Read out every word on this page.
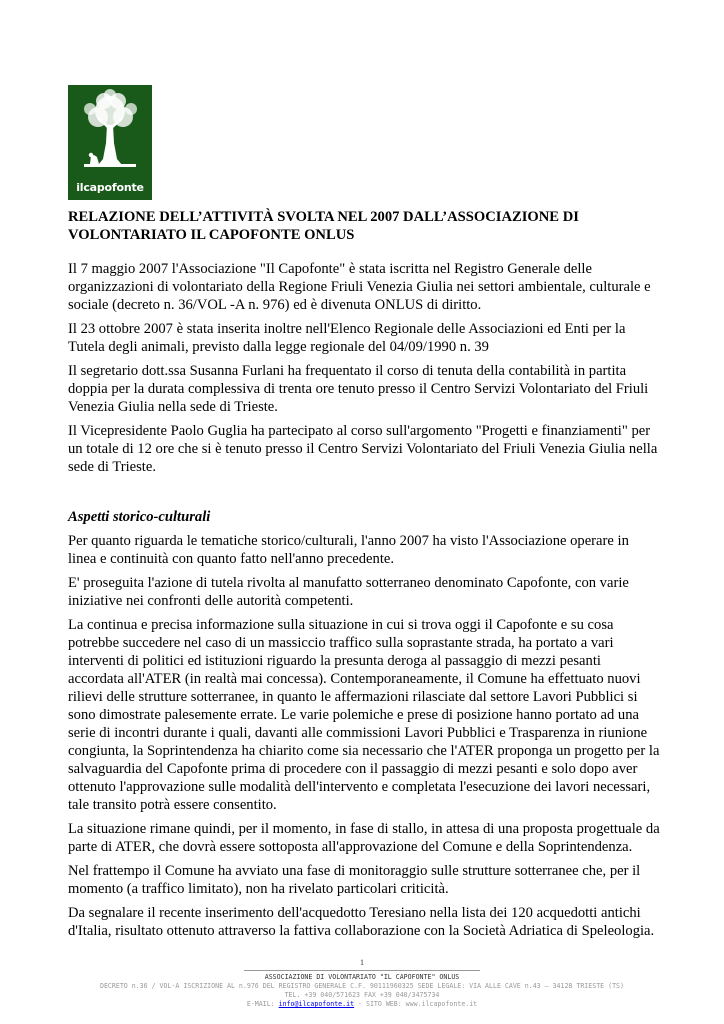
ilcapofonte
RELAZIONE DELL’ATTIVITÀ SVOLTA NEL 2007 DALL’ASSOCIAZIONE DI VOLONTARIATO IL CAPOFONTE ONLUS

Il 7 maggio 2007 l'Associazione "Il Capofonte" è stata iscritta nel Registro Generale delle organizzazioni di volontariato della Regione Friuli Venezia Giulia nei settori ambientale, culturale e sociale (decreto n. 36/VOL -A n. 976) ed è divenuta ONLUS di diritto.

Il 23 ottobre 2007 è stata inserita inoltre nell'Elenco Regionale delle Associazioni ed Enti per la Tutela degli animali, previsto dalla legge regionale del 04/09/1990 n. 39

Il segretario dott.ssa Susanna Furlani ha frequentato il corso di tenuta della contabilità in partita doppia per la durata complessiva di trenta ore tenuto presso il Centro Servizi Volontariato del Friuli Venezia Giulia nella sede di Trieste.

Il Vicepresidente Paolo Guglia ha partecipato al corso sull'argomento "Progetti e finanziamenti" per un totale di 12 ore che si è tenuto presso il Centro Servizi Volontariato del Friuli Venezia Giulia nella sede di Trieste.

Aspetti storico-culturali

Per quanto riguarda le tematiche storico/culturali, l'anno 2007 ha visto l'Associazione operare in linea e continuità con quanto fatto nell'anno precedente.

E' proseguita l'azione di tutela rivolta al manufatto sotterraneo denominato Capofonte, con varie iniziative nei confronti delle autorità competenti.

La continua e precisa informazione sulla situazione in cui si trova oggi il Capofonte e su cosa potrebbe succedere nel caso di un massiccio traffico sulla soprastante strada, ha portato a vari interventi di politici ed istituzioni riguardo la presunta deroga al passaggio di mezzi pesanti accordata all'ATER (in realtà mai concessa). Contemporaneamente, il Comune ha effettuato nuovi rilievi delle strutture sotterranee, in quanto le affermazioni rilasciate dal settore Lavori Pubblici si sono dimostrate palesemente errate. Le varie polemiche e prese di posizione hanno portato ad una serie di incontri durante i quali, davanti alle commissioni Lavori Pubblici e Trasparenza in riunione congiunta, la Soprintendenza ha chiarito come sia necessario che l'ATER proponga un progetto per la salvaguardia del Capofonte prima di procedere con il passaggio di mezzi pesanti e solo dopo aver ottenuto l'approvazione sulle modalità dell'intervento e completata l'esecuzione dei lavori necessari, tale transito potrà essere consentito.

La situazione rimane quindi, per il momento, in fase di stallo, in attesa di una proposta progettuale da parte di ATER, che dovrà essere sottoposta all'approvazione del Comune e della Soprintendenza.

Nel frattempo il Comune ha avviato una fase di monitoraggio sulle strutture sotterranee che, per il momento (a traffico limitato), non ha rivelato particolari criticità.

Da segnalare il recente inserimento dell'acquedotto Teresiano nella lista dei 120 acquedotti antichi d'Italia, risultato ottenuto attraverso la fattiva collaborazione con la Società Adriatica di Speleologia.

1
ASSOCIAZIONE DI VOLONTARIATO "IL CAPOFONTE" ONLUS
DECRETO n.36 / VOL-A ISCRIZIONE AL n.976 DEL REGISTRO GENERALE C.F. 90111960325 SEDE LEGALE: VIA ALLE CAVE n.43 – 34128 TRIESTE (TS)
TEL. +39 040/571623 FAX +39 040/3475734
E-MAIL: info@ilcapofonte.it - SITO WEB: www.ilcapofonte.it
